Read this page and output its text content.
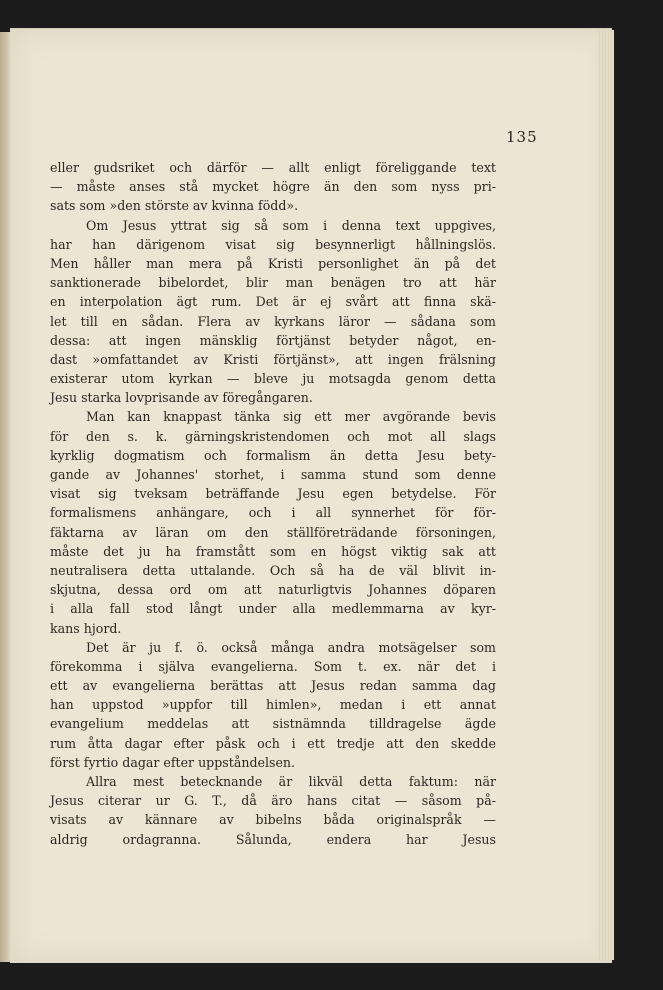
135
eller gudsriket och därför — allt enligt föreliggande text
— måste anses stå mycket högre än den som nyss pri-
sats som »den störste av kvinna född».
Om Jesus yttrat sig så som i denna text uppgives,
har han därigenom visat sig besynnerligt hållningslös.
Men håller man mera på Kristi personlighet än på det
sanktionerade bibelordet, blir man benägen tro att här
en interpolation ägt rum. Det är ej svårt att finna skä-
let till en sådan. Flera av kyrkans läror — sådana som
dessa: att ingen mänsklig förtjänst betyder något, en-
dast »omfattandet av Kristi förtjänst», att ingen frälsning
existerar utom kyrkan — bleve ju motsagda genom detta
Jesu starka lovprisande av föregångaren.
Man kan knappast tänka sig ett mer avgörande bevis
för den s. k. gärningskristendomen och mot all slags
kyrklig dogmatism och formalism än detta Jesu bety-
gande av Johannes' storhet, i samma stund som denne
visat sig tveksam beträffande Jesu egen betydelse. För
formalismens anhängare, och i all synnerhet för för-
fäktarna av läran om den ställföreträdande försoningen,
måste det ju ha framstått som en högst viktig sak att
neutralisera detta uttalande. Och så ha de väl blivit in-
skjutna, dessa ord om att naturligtvis Johannes döparen
i alla fall stod långt under alla medlemmarna av kyr-
kans hjord.
Det är ju f. ö. också många andra motsägelser som
förekomma i själva evangelierna. Som t. ex. när det i
ett av evangelierna berättas att Jesus redan samma dag
han uppstod »uppfor till himlen», medan i ett annat
evangelium meddelas att sistnämnda tilldragelse ägde
rum åtta dagar efter påsk och i ett tredje att den skedde
först fyrtio dagar efter uppståndelsen.
Allra mest betecknande är likväl detta faktum: när
Jesus citerar ur G. T., då äro hans citat — såsom på-
visats av kännare av bibelns båda originalspråk —
aldrig ordagranna. Sålunda, endera har Jesus
